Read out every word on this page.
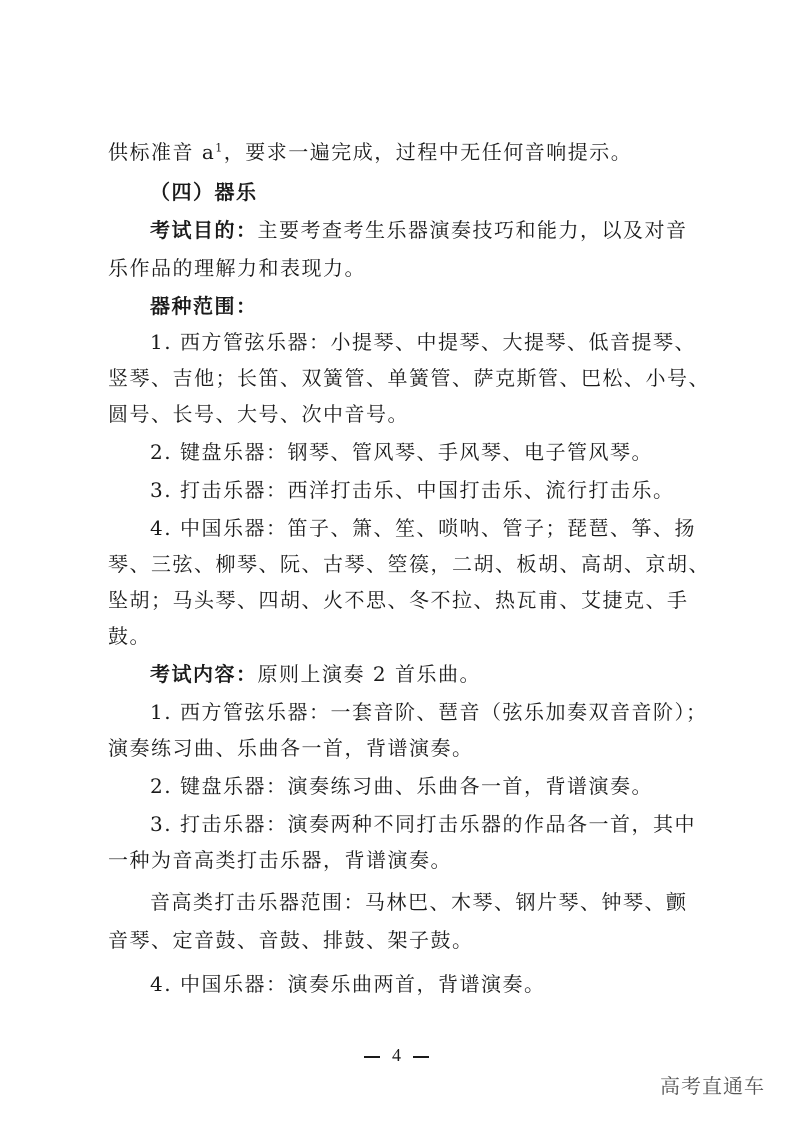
供标准音 $a^1$，要求一遍完成，过程中无任何音响提示。
（四）器乐
考试目的：主要考查考生乐器演奏技巧和能力，以及对音
乐作品的理解力和表现力。
器种范围：
1. 西方管弦乐器：小提琴、中提琴、大提琴、低音提琴、
竖琴、吉他；长笛、双簧管、单簧管、萨克斯管、巴松、小号、
圆号、长号、大号、次中音号。
2. 键盘乐器：钢琴、管风琴、手风琴、电子管风琴。
3. 打击乐器：西洋打击乐、中国打击乐、流行打击乐。
4. 中国乐器：笛子、箫、笙、唢呐、管子；琵琶、筝、扬
琴、三弦、柳琴、阮、古琴、箜篌，二胡、板胡、高胡、京胡、
坠胡；马头琴、四胡、火不思、冬不拉、热瓦甫、艾捷克、手
鼓。
考试内容：原则上演奏 2 首乐曲。
1. 西方管弦乐器：一套音阶、琶音（弦乐加奏双音音阶）；
演奏练习曲、乐曲各一首，背谱演奏。
2. 键盘乐器：演奏练习曲、乐曲各一首，背谱演奏。
3. 打击乐器：演奏两种不同打击乐器的作品各一首，其中
一种为音高类打击乐器，背谱演奏。
音高类打击乐器范围：马林巴、木琴、钢片琴、钟琴、颤
音琴、定音鼓、音鼓、排鼓、架子鼓。
4. 中国乐器：演奏乐曲两首，背谱演奏。
4
高考直通车
